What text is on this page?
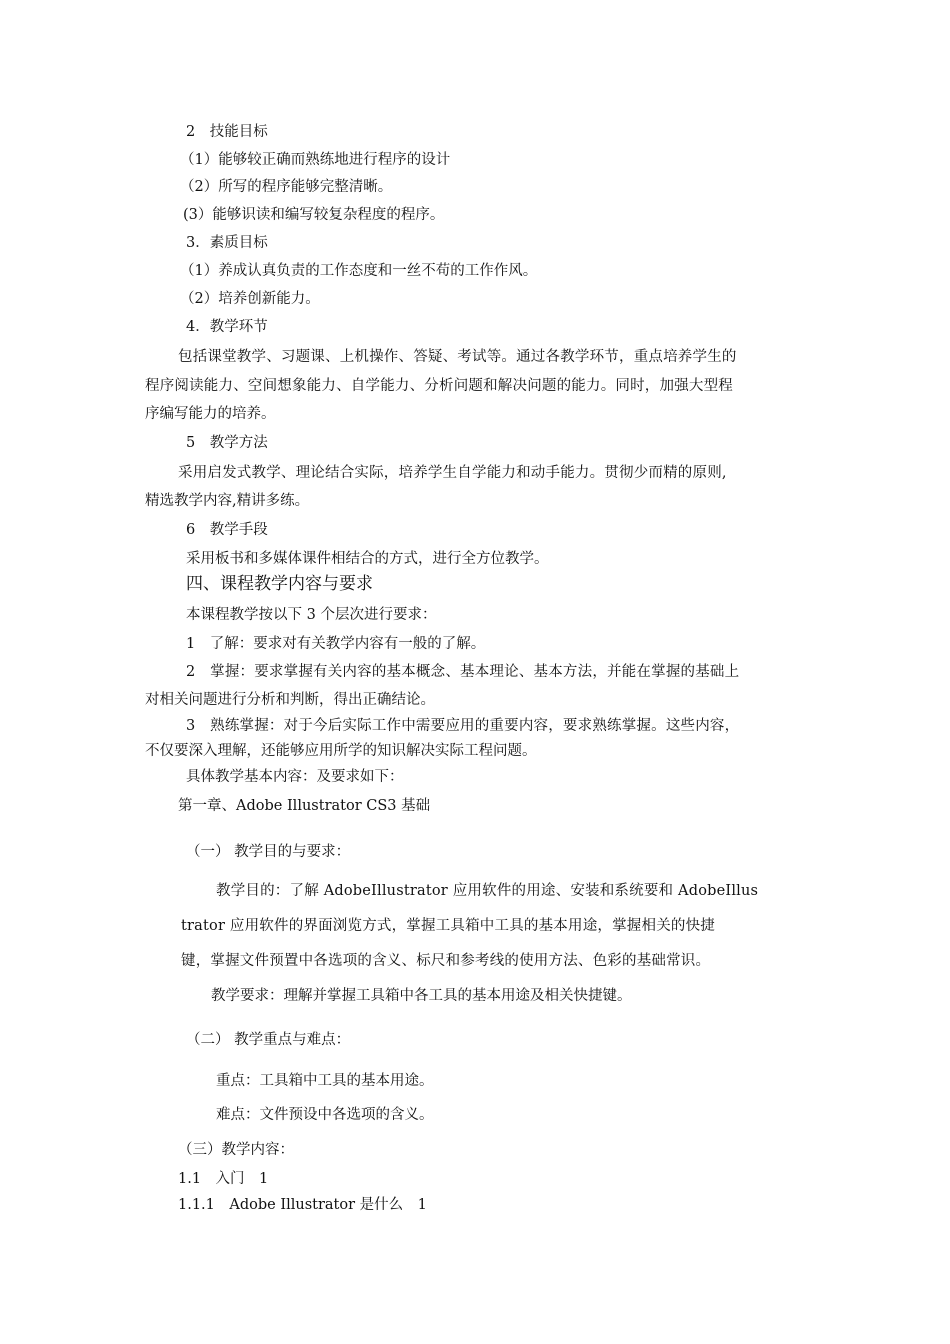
2　技能目标
（1）能够较正确而熟练地进行程序的设计
（2）所写的程序能够完整清晰。
(3）能够识读和编写较复杂程度的程序。
3．素质目标
（1）养成认真负责的工作态度和一丝不苟的工作作风。
（2）培养创新能力。
4．教学环节
包括课堂教学、习题课、上机操作、答疑、考试等。通过各教学环节，重点培养学生的
程序阅读能力、空间想象能力、自学能力、分析问题和解决问题的能力。同时，加强大型程
序编写能力的培养。
5　教学方法
采用启发式教学、理论结合实际，培养学生自学能力和动手能力。贯彻少而精的原则,
精选教学内容,精讲多练。
6　教学手段
采用板书和多媒体课件相结合的方式，进行全方位教学。
四、课程教学内容与要求
本课程教学按以下 3 个层次进行要求：
1　了解：要求对有关教学内容有一般的了解。
2　掌握：要求掌握有关内容的基本概念、基本理论、基本方法，并能在掌握的基础上
对相关问题进行分析和判断，得出正确结论。
3　熟练掌握：对于今后实际工作中需要应用的重要内容，要求熟练掌握。这些内容，
不仅要深入理解，还能够应用所学的知识解决实际工程问题。
具体教学基本内容：及要求如下：
第一章、Adobe Illustrator CS3 基础
（一） 教学目的与要求：
教学目的：了解 AdobeIllustrator 应用软件的用途、安装和系统要和 AdobeIllus
trator 应用软件的界面浏览方式，掌握工具箱中工具的基本用途，掌握相关的快捷
键，掌握文件预置中各选项的含义、标尺和参考线的使用方法、色彩的基础常识。
教学要求：理解并掌握工具箱中各工具的基本用途及相关快捷键。
（二） 教学重点与难点：
重点：工具箱中工具的基本用途。
难点：文件预设中各选项的含义。
（三）教学内容：
1.1　入门　1
1.1.1　Adobe Illustrator 是什么　1
